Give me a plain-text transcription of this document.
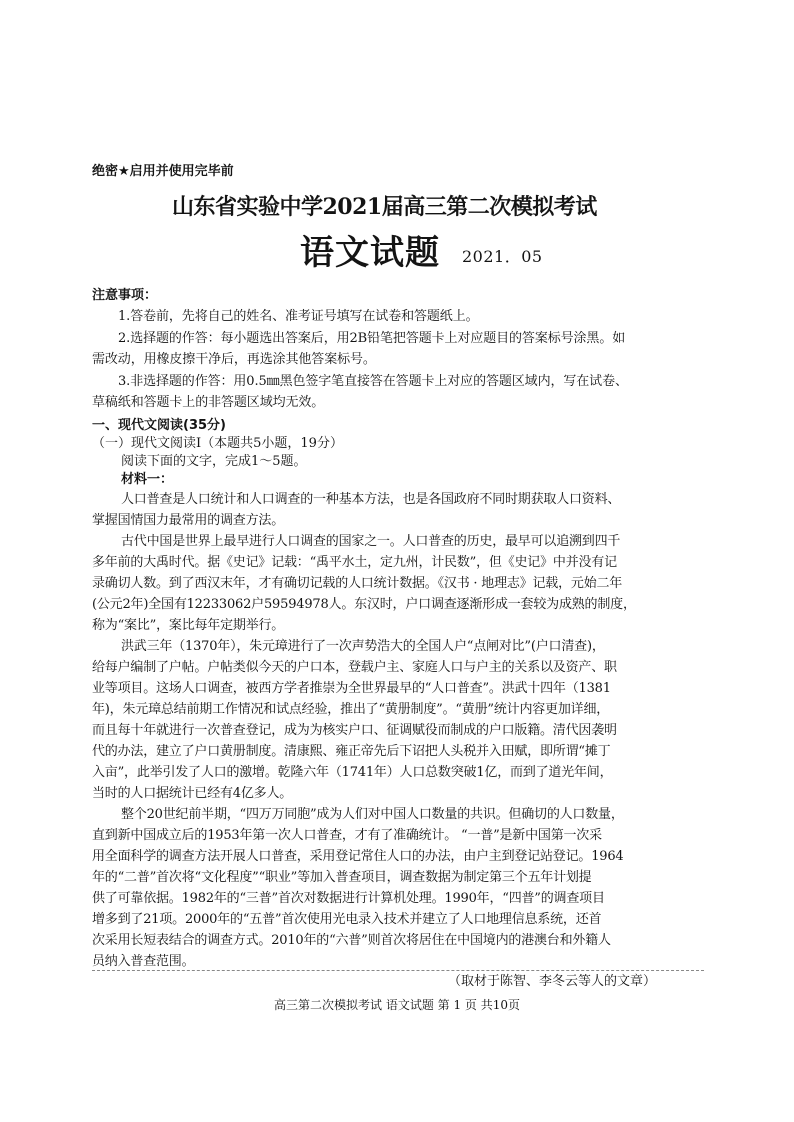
绝密★启用并使用完毕前
山东省实验中学2021届高三第二次模拟考试
语文试题 2021．05
注意事项：
1.答卷前，先将自己的姓名、准考证号填写在试卷和答题纸上。
2.选择题的作答：每小题选出答案后，用2B铅笔把答题卡上对应题目的答案标号涂黑。如
需改动，用橡皮擦干净后，再选涂其他答案标号。
3.非选择题的作答：用0.5㎜黑色签字笔直接答在答题卡上对应的答题区域内，写在试卷、
草稿纸和答题卡上的非答题区域均无效。
一、现代文阅读(35分)
（一）现代文阅读Ⅰ（本题共5小题，19分）
阅读下面的文字，完成1～5题。
材料一：
人口普查是人口统计和人口调查的一种基本方法，也是各国政府不同时期获取人口资料、
掌握国情国力最常用的调查方法。
古代中国是世界上最早进行人口调查的国家之一。人口普查的历史，最早可以追溯到四千
多年前的大禹时代。据《史记》记载：“禹平水土，定九州，计民数”，但《史记》中并没有记
录确切人数。到了西汉末年，才有确切记载的人口统计数据。《汉书 · 地理志》记载，元始二年
(公元2年)全国有12233062户59594978人。东汉时，户口调查逐渐形成一套较为成熟的制度，
称为“案比”，案比每年定期举行。
洪武三年（1370年），朱元璋进行了一次声势浩大的全国人户“点闸对比”(户口清查)，
给每户编制了户帖。户帖类似今天的户口本，登载户主、家庭人口与户主的关系以及资产、职
业等项目。这场人口调查，被西方学者推崇为全世界最早的“人口普查”。洪武十四年（1381
年)，朱元璋总结前期工作情况和试点经验，推出了“黄册制度”。“黄册”统计内容更加详细，
而且每十年就进行一次普查登记，成为为核实户口、征调赋役而制成的户口版籍。清代因袭明
代的办法，建立了户口黄册制度。清康熙、雍正帝先后下诏把人头税并入田赋，即所谓“摊丁
入亩”，此举引发了人口的激增。乾隆六年（1741年）人口总数突破1亿，而到了道光年间，
当时的人口据统计已经有4亿多人。
整个20世纪前半期，“四万万同胞”成为人们对中国人口数量的共识。但确切的人口数量，
直到新中国成立后的1953年第一次人口普查，才有了准确统计。 “一普”是新中国第一次采
用全面科学的调查方法开展人口普查，采用登记常住人口的办法，由户主到登记站登记。1964
年的“二普”首次将“文化程度”“职业”等加入普查项目，调查数据为制定第三个五年计划提
供了可靠依据。1982年的“三普”首次对数据进行计算机处理。1990年，“四普”的调查项目
增多到了21项。2000年的“五普”首次使用光电录入技术并建立了人口地理信息系统，还首
次采用长短表结合的调查方式。2010年的“六普”则首次将居住在中国境内的港澳台和外籍人
员纳入普查范围。
（取材于陈智、李冬云等人的文章）
高三第二次模拟考试 语文试题 第 1 页 共10页
